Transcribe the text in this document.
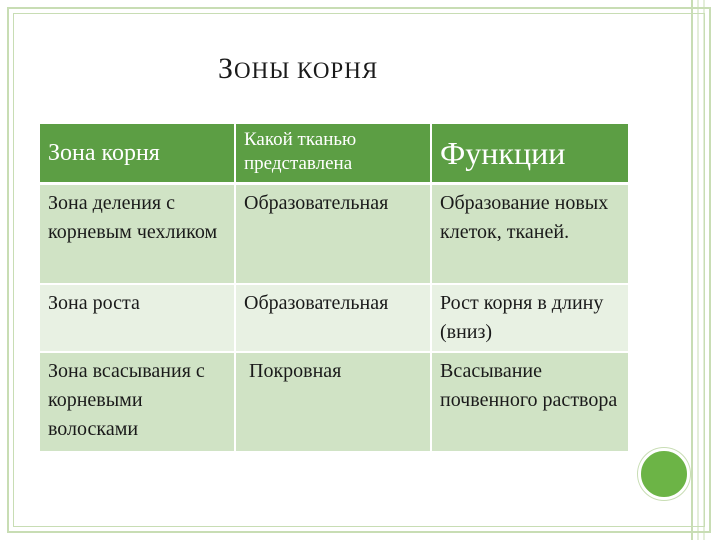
ЗОНЫ КОРНЯ
Зона корня	Какой тканью представлена	Функции
Зона деления с корневым чехликом	Образовательная	Образование новых клеток, тканей.
Зона роста	Образовательная	Рост корня в длину (вниз)
Зона всасывания с корневыми волосками	Покровная	Всасывание почвенного раствора
